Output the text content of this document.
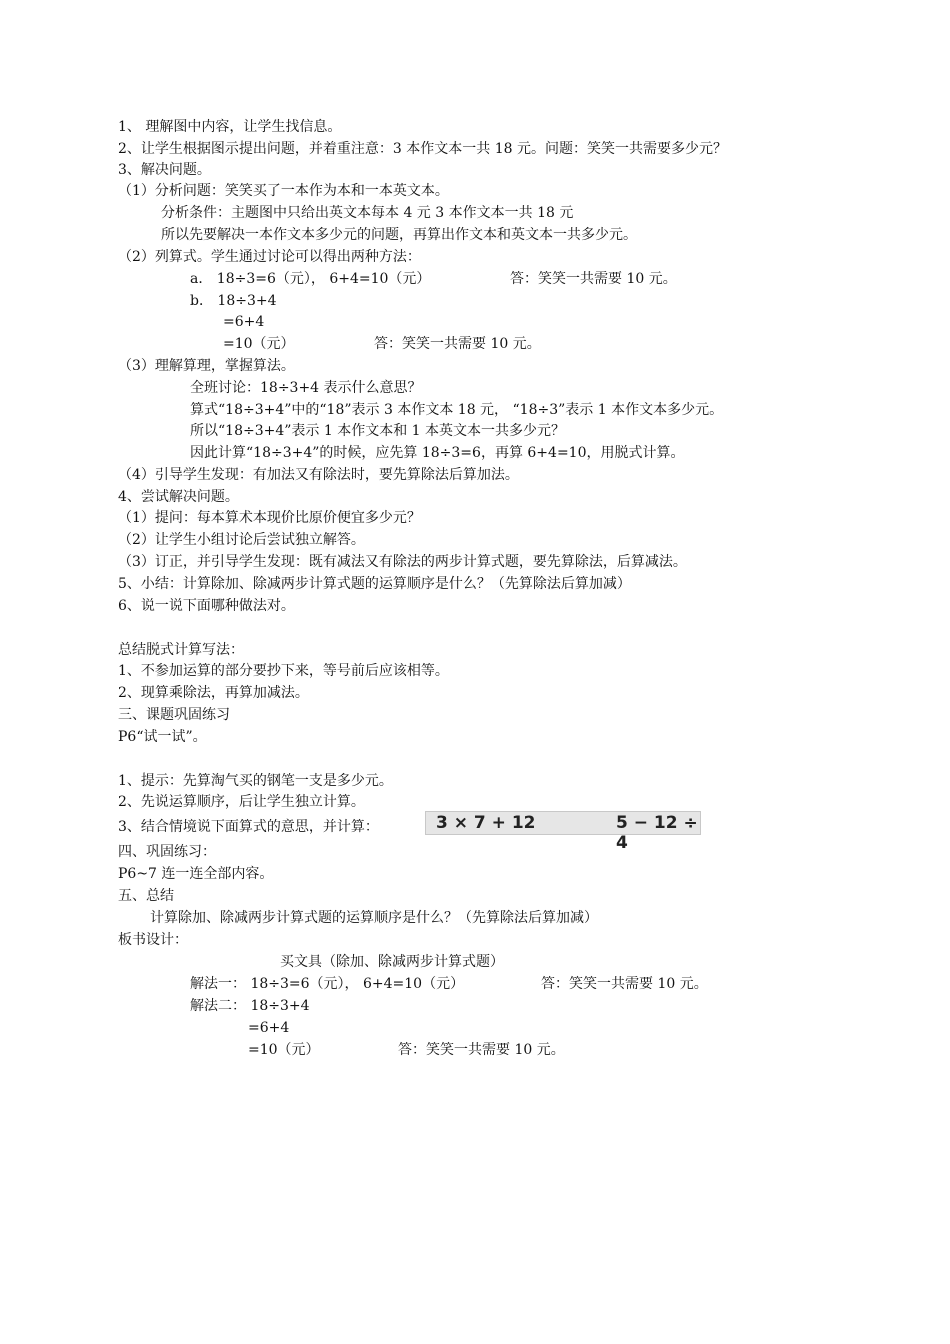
1、 理解图中内容，让学生找信息。
2、让学生根据图示提出问题，并着重注意：3 本作文本一共 18 元。问题：笑笑一共需要多少元？
3、解决问题。
（1）分析问题：笑笑买了一本作为本和一本英文本。
分析条件：主题图中只给出英文本每本 4 元 3 本作文本一共 18 元
所以先要解决一本作文本多少元的问题，再算出作文本和英文本一共多少元。
（2）列算式。学生通过讨论可以得出两种方法：
a． 18÷3=6（元）， 6+4=10（元）	答：笑笑一共需要 10 元。
b． 18÷3+4
=6+4
=10（元）	答：笑笑一共需要 10 元。
（3）理解算理，掌握算法。
全班讨论：18÷3+4 表示什么意思？
算式“18÷3+4”中的“18”表示 3 本作文本 18 元， “18÷3”表示 1 本作文本多少元。
所以“18÷3+4”表示 1 本作文本和 1 本英文本一共多少元？
因此计算“18÷3+4”的时候，应先算 18÷3=6，再算 6+4=10，用脱式计算。
（4）引导学生发现：有加法又有除法时，要先算除法后算加法。
4、尝试解决问题。
（1）提问：每本算术本现价比原价便宜多少元？
（2）让学生小组讨论后尝试独立解答。
（3）订正，并引导学生发现：既有减法又有除法的两步计算式题，要先算除法，后算减法。
5、小结：计算除加、除减两步计算式题的运算顺序是什么？（先算除法后算加减）
6、说一说下面哪种做法对。
总结脱式计算写法：
1、不参加运算的部分要抄下来，等号前后应该相等。
2、现算乘除法，再算加减法。
三、课题巩固练习
P6“试一试”。
1、提示：先算淘气买的钢笔一支是多少元。
2、先说运算顺序，后让学生独立计算。
3、结合情境说下面算式的意思，并计算：	3 × 7 + 12	5 − 12 ÷ 4
四、巩固练习：
P6~7 连一连全部内容。
五、总结
计算除加、除减两步计算式题的运算顺序是什么？（先算除法后算加减）
板书设计：
买文具（除加、除减两步计算式题）
解法一： 18÷3=6（元）， 6+4=10（元）	答：笑笑一共需要 10 元。
解法二： 18÷3+4
=6+4
=10（元）	答：笑笑一共需要 10 元。
